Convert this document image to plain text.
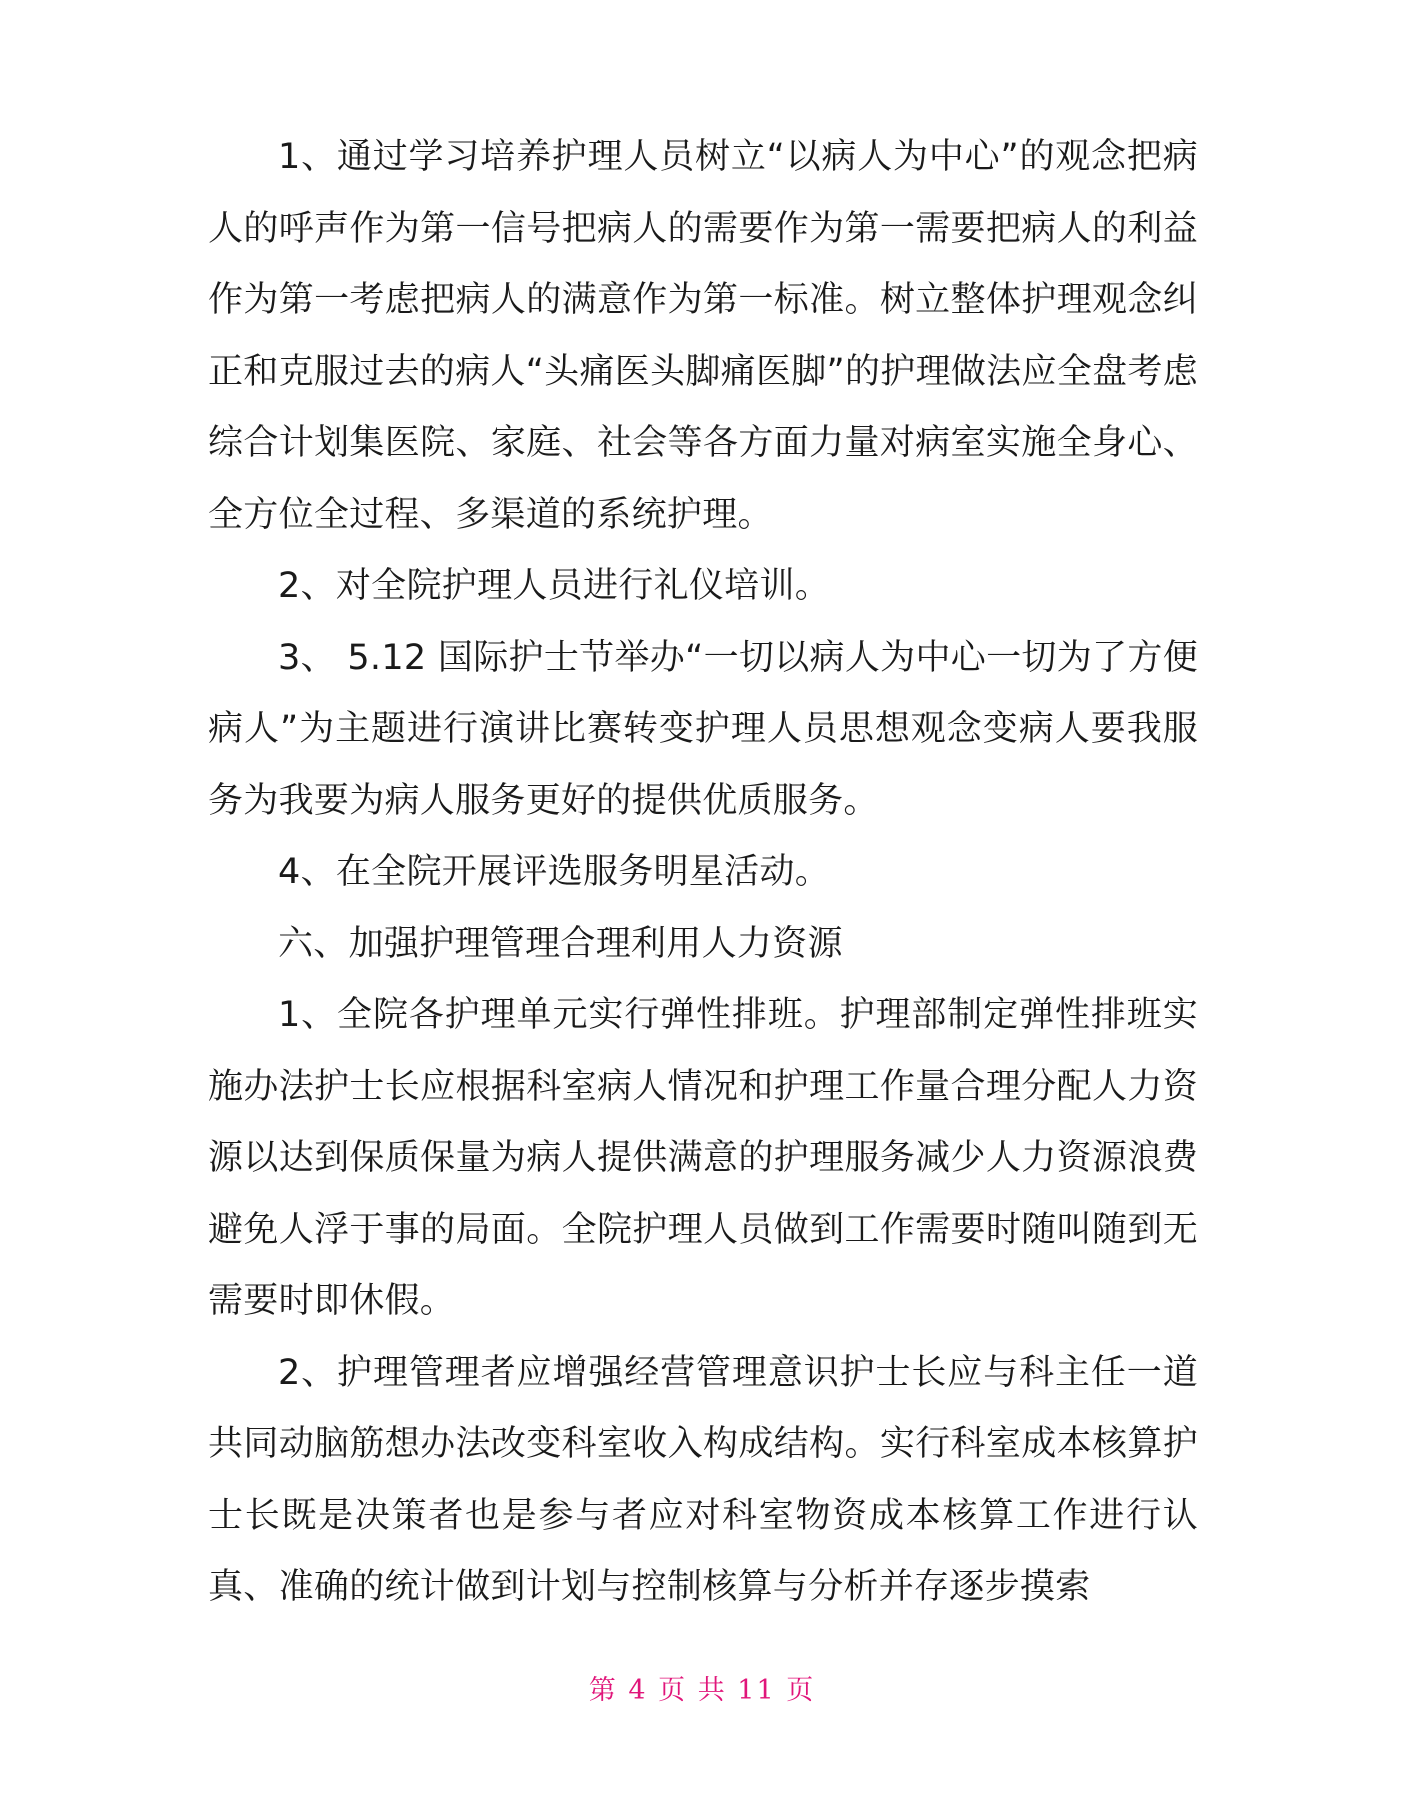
1、通过学习培养护理人员树立“以病人为中心”的观念把病人的呼声作为第一信号把病人的需要作为第一需要把病人的利益作为第一考虑把病人的满意作为第一标准。树立整体护理观念纠正和克服过去的病人“头痛医头脚痛医脚”的护理做法应全盘考虑综合计划集医院、家庭、社会等各方面力量对病室实施全身心、全方位全过程、多渠道的系统护理。

2、对全院护理人员进行礼仪培训。

3、 5.12 国际护士节举办“一切以病人为中心一切为了方便病人”为主题进行演讲比赛转变护理人员思想观念变病人要我服务为我要为病人服务更好的提供优质服务。

4、在全院开展评选服务明星活动。

六、加强护理管理合理利用人力资源

1、全院各护理单元实行弹性排班。护理部制定弹性排班实施办法护士长应根据科室病人情况和护理工作量合理分配人力资源以达到保质保量为病人提供满意的护理服务减少人力资源浪费避免人浮于事的局面。全院护理人员做到工作需要时随叫随到无需要时即休假。

2、护理管理者应增强经营管理意识护士长应与科主任一道共同动脑筋想办法改变科室收入构成结构。实行科室成本核算护士长既是决策者也是参与者应对科室物资成本核算工作进行认真、准确的统计做到计划与控制核算与分析并存逐步摸索

第 4 页 共 11 页
